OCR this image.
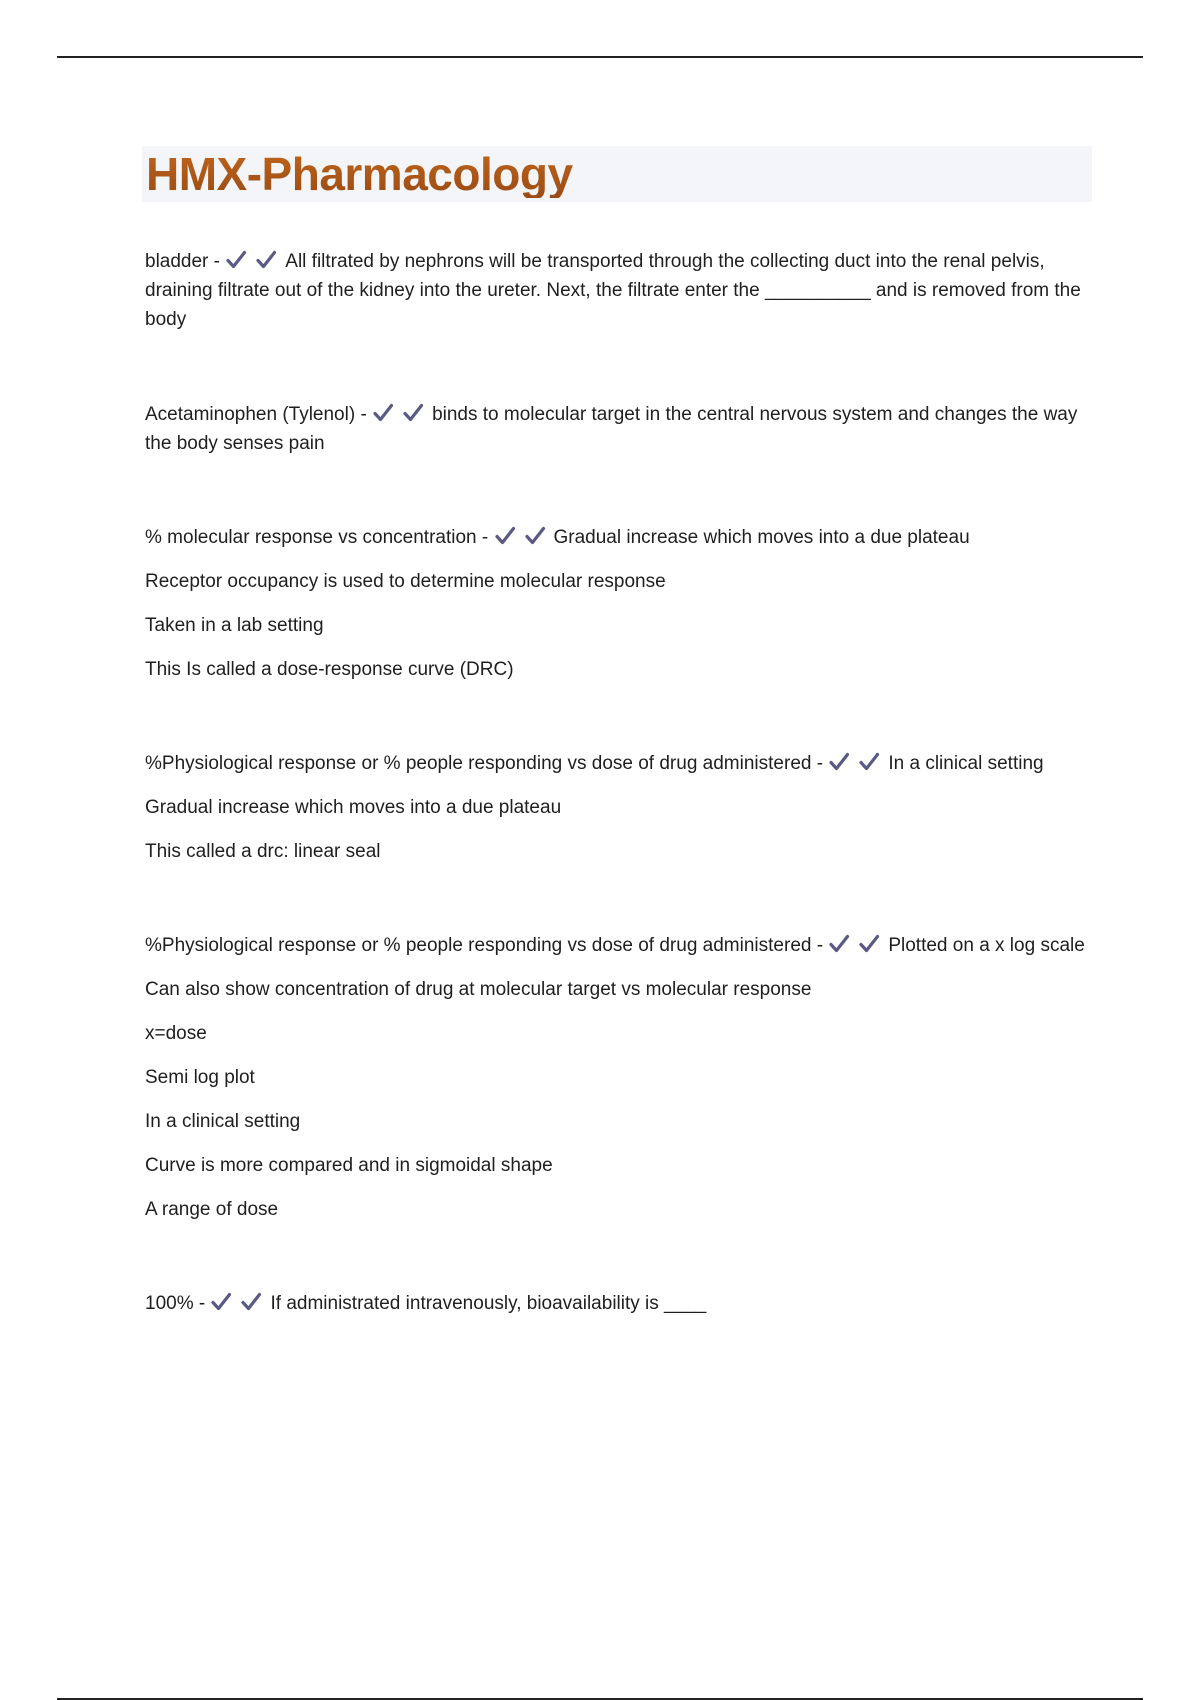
HMX-Pharmacology

bladder -	All filtrated by nephrons will be transported through the collecting duct into the renal pelvis, draining filtrate out of the kidney into the ureter. Next, the filtrate enter the __________ and is removed from the body

Acetaminophen (Tylenol) -	binds to molecular target in the central nervous system and changes the way the body senses pain

% molecular response vs concentration -	Gradual increase which moves into a due plateau

Receptor occupancy is used to determine molecular response

Taken in a lab setting

This Is called a dose-response curve (DRC)

%Physiological response or % people responding vs dose of drug administered -	In a clinical setting

Gradual increase which moves into a due plateau

This called a drc: linear seal

%Physiological response or % people responding vs dose of drug administered -	Plotted on a x log scale

Can also show concentration of drug at molecular target vs molecular response

x=dose

Semi log plot

In a clinical setting

Curve is more compared and in sigmoidal shape

A range of dose

100% -	If administrated intravenously, bioavailability is ____
